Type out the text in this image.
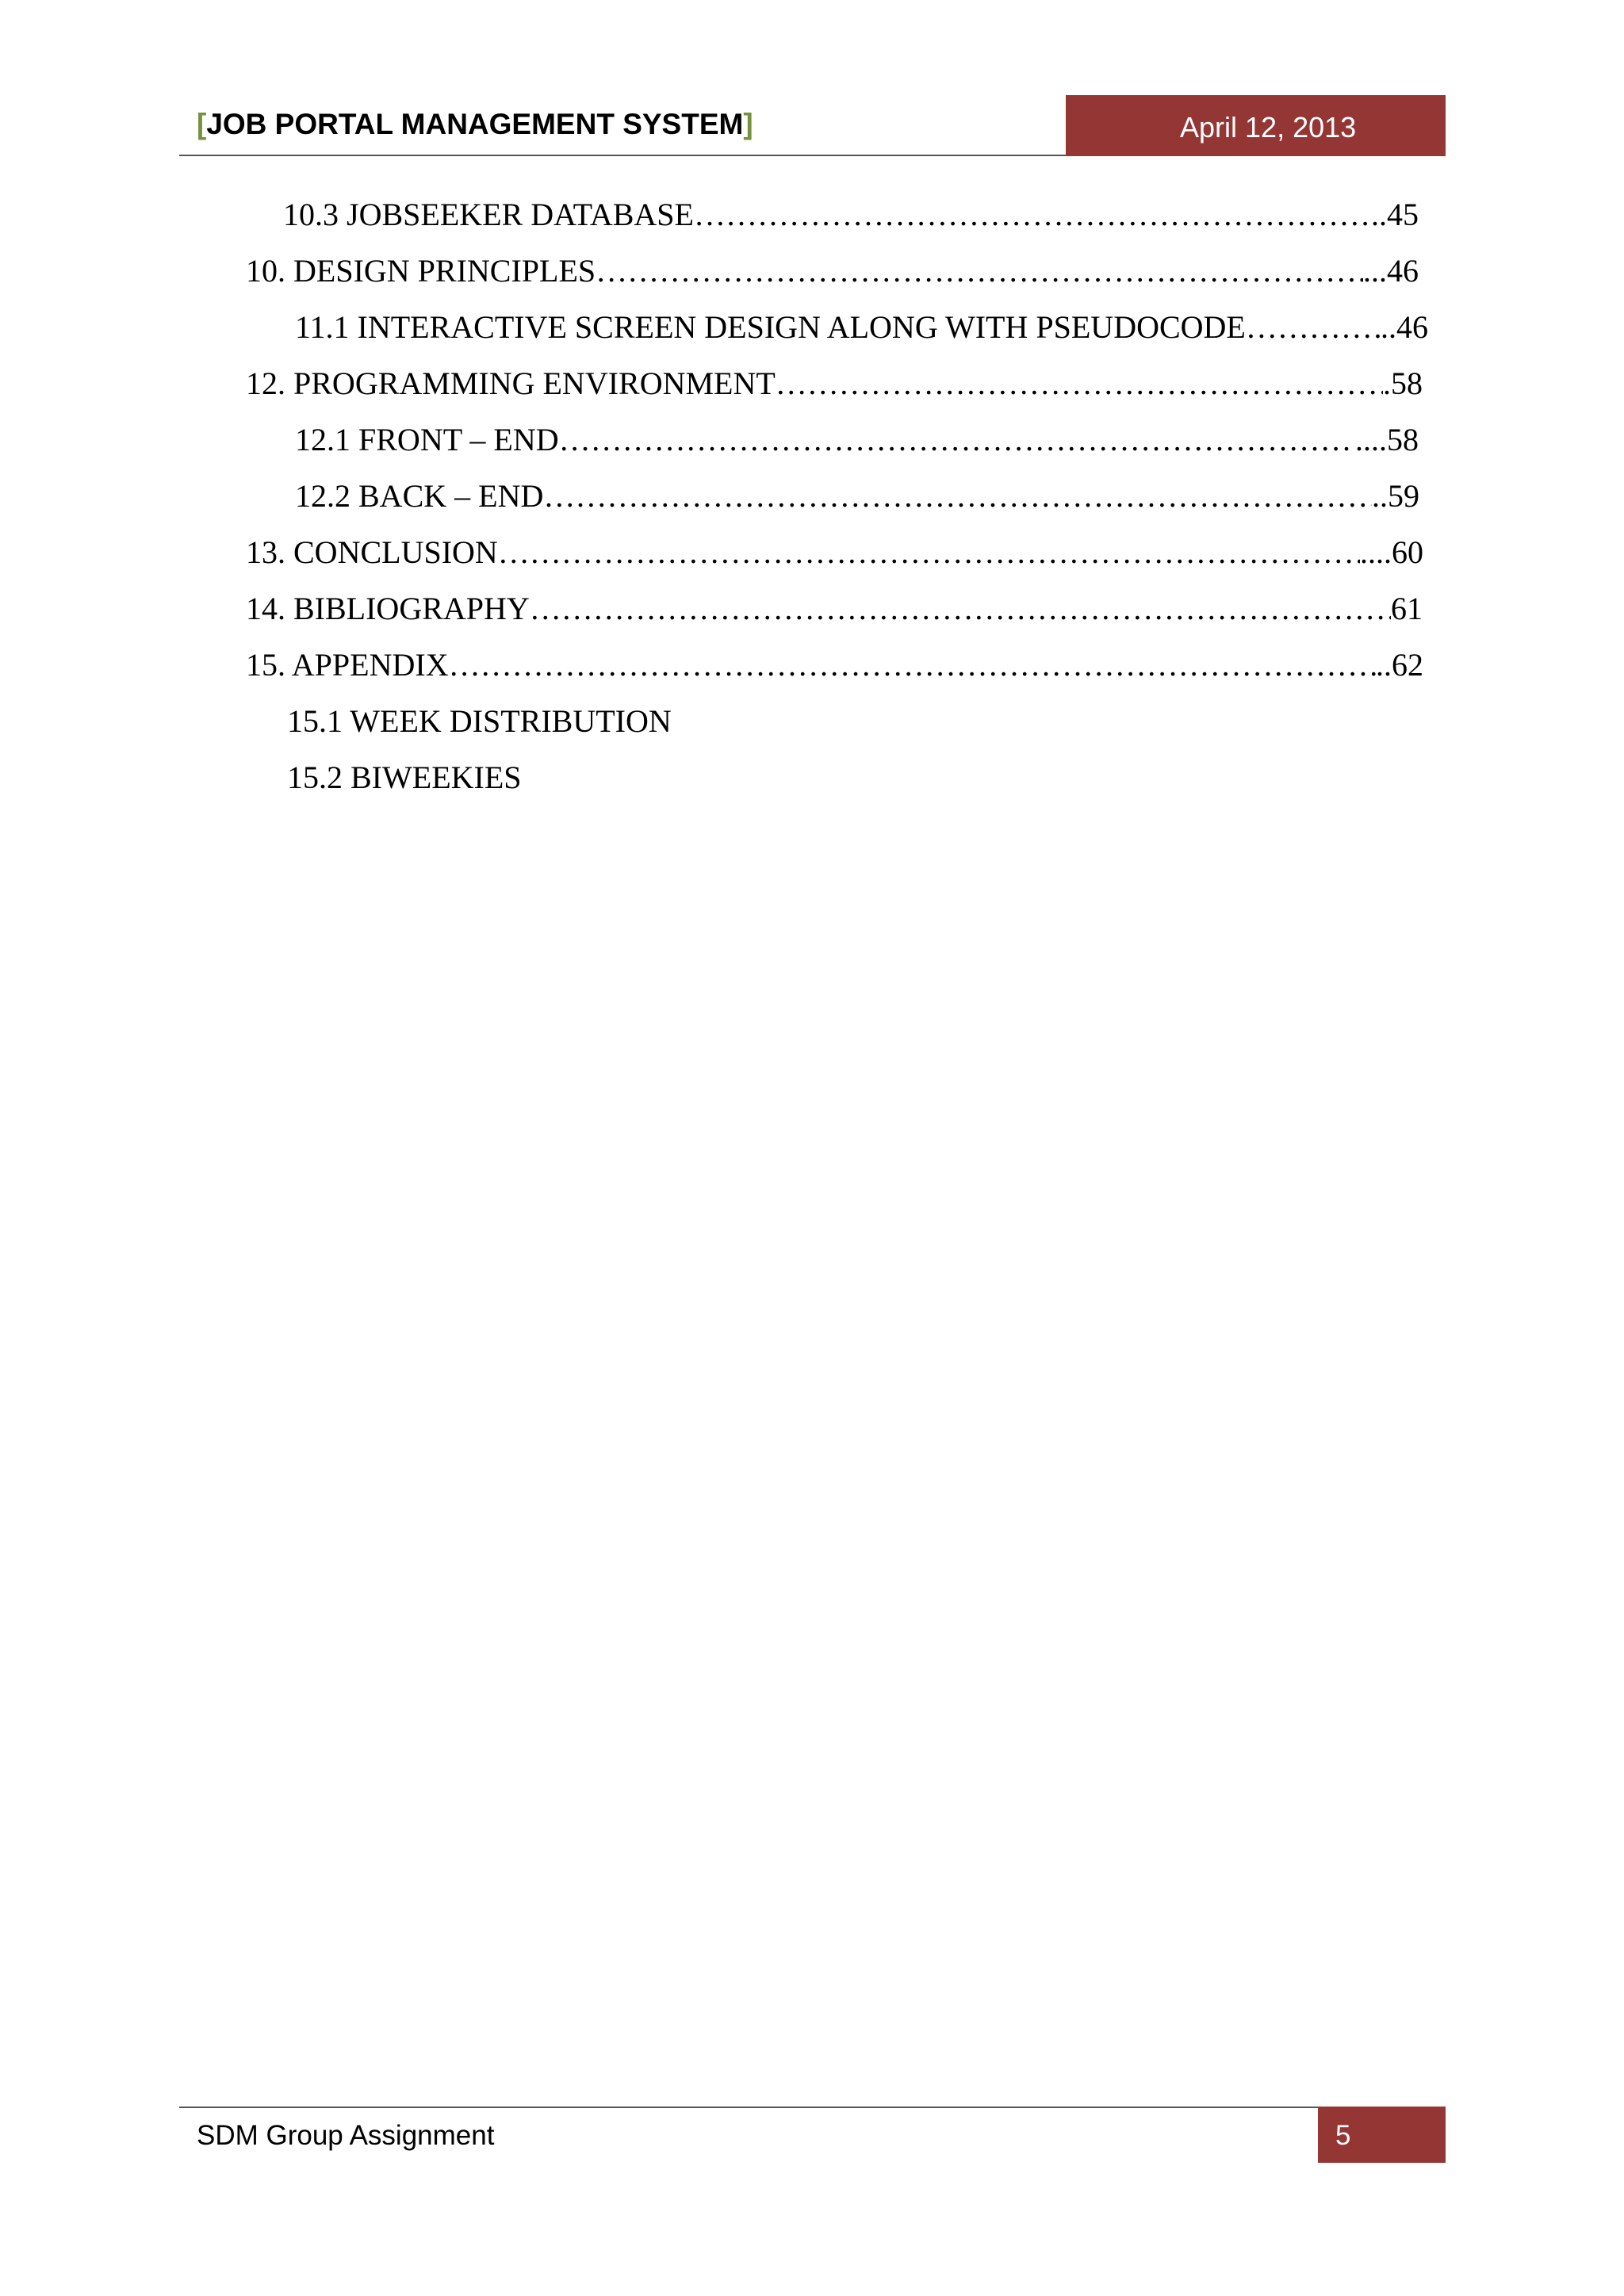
[JOB PORTAL MANAGEMENT SYSTEM]	April 12, 2013
10.3 JOBSEEKER DATABASE …………………………………………………………………………………………………………………………………………………………	..45
10. DESIGN PRINCIPLES …………………………………………………………………………………………………………………………………………………………	...46
11.1 INTERACTIVE SCREEN DESIGN ALONG WITH PSEUDOCODE …………………………………………………………………………………………………………………………………………………………	..46
12. PROGRAMMING ENVIRONMENT …………………………………………………………………………………………………………………………………………………………	.58
12.1 FRONT – END …………………………………………………………………………………………………………………………………………………………	....58
12.2 BACK – END …………………………………………………………………………………………………………………………………………………………	..59
13. CONCLUSION …………………………………………………………………………………………………………………………………………………………	....60
14. BIBLIOGRAPHY …………………………………………………………………………………………………………………………………………………………	61
15. APPENDIX …………………………………………………………………………………………………………………………………………………………	..62
15.1 WEEK DISTRIBUTION
15.2 BIWEEKIES
SDM Group Assignment	5
